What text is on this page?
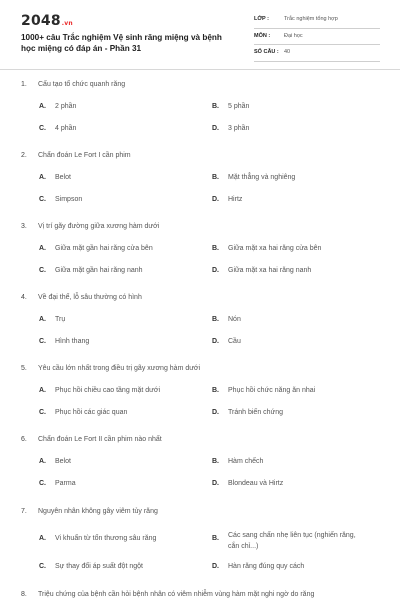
2048.vn
1000+ câu Trắc nghiệm Vệ sinh răng miệng và bệnh học miệng có đáp án - Phần 31
LỚP :	Trắc nghiệm tổng hợp
MÔN :	Đại học
SỐ CÂU : 40
1. Cấu tạo tổ chức quanh răng
A. 2 phần	B. 5 phần
C. 4 phần	D. 3 phần
2. Chẩn đoán Le Fort I cần phim
A. Belot	B. Mặt thẳng và nghiêng
C. Simpson	D. Hirtz
3. Vị trí gãy đường giữa xương hàm dưới
A. Giữa mặt gần hai răng cửa bên	B. Giữa mặt xa hai răng cửa bên
C. Giữa mặt gần hai răng nanh	D. Giữa mặt xa hai răng nanh
4. Về đại thể, lỗ sâu thường có hình
A. Trụ	B. Nón
C. Hình thang	D. Cầu
5. Yêu cầu lớn nhất trong điều trị gãy xương hàm dưới
A. Phục hồi chiều cao tầng mặt dưới	B. Phục hồi chức năng ăn nhai
C. Phục hồi các giác quan	D. Tránh biến chứng
6. Chẩn đoán Le Fort II cần phim nào nhất
A. Belot	B. Hàm chếch
C. Parma	D. Blondeau và Hirtz
7. Nguyên nhân không gây viêm tủy răng
A. Vi khuẩn từ tổn thương sâu răng	B. Các sang chấn nhẹ liên tục (nghiến răng, cắn chỉ...)
C. Sự thay đổi áp suất đột ngột	D. Hàn răng đúng quy cách
8. Triệu chứng của bệnh cần hỏi bệnh nhân có viêm nhiễm vùng hàm mặt nghi ngờ do răng
